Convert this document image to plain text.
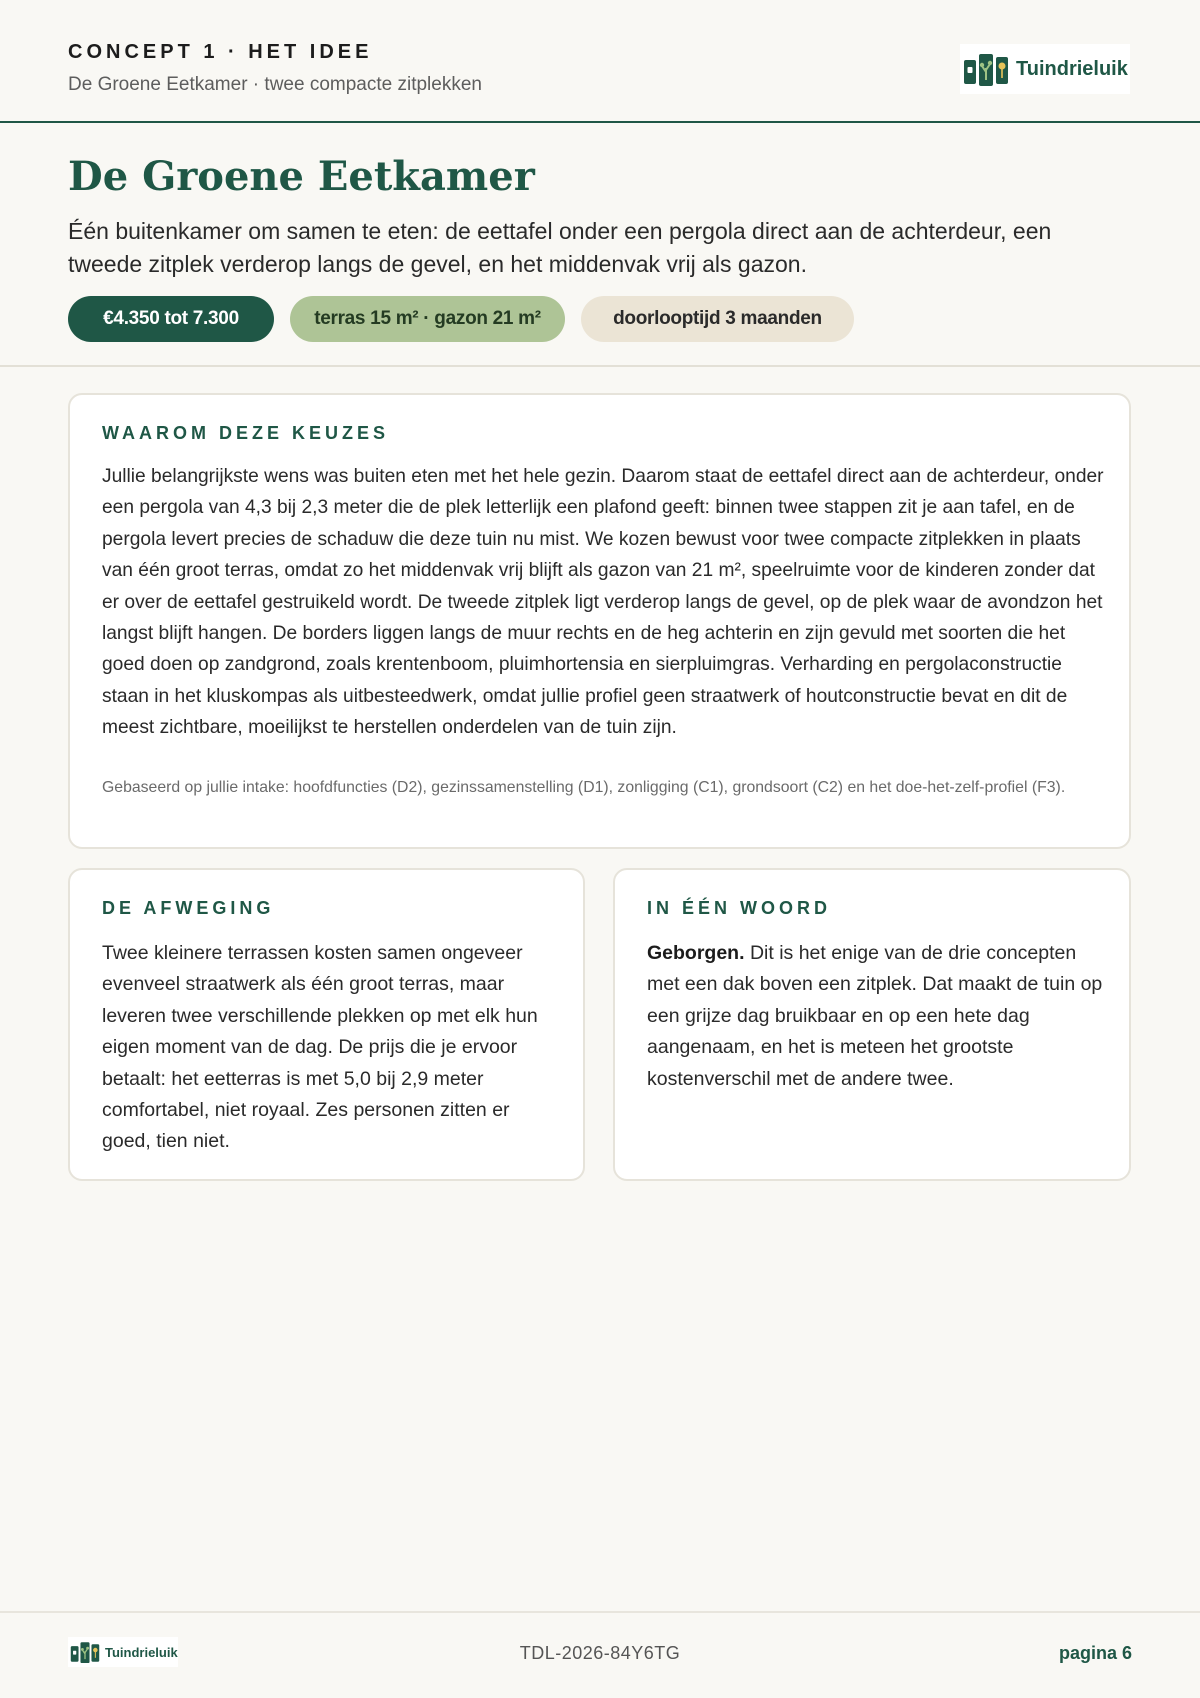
CONCEPT 1 · HET IDEE

De Groene Eetkamer · twee compacte zitplekken

Tuindrieluik
De Groene Eetkamer

Één buitenkamer om samen te eten: de eettafel onder een pergola direct aan de achterdeur, een tweede zitplek verderop langs de gevel, en het middenvak vrij als gazon.

€4.350 tot 7.300	terras 15 m² · gazon 21 m²	doorlooptijd 3 maanden
WAAROM DEZE KEUZES

Jullie belangrijkste wens was buiten eten met het hele gezin. Daarom staat de eettafel direct aan de achterdeur, onder een pergola van 4,3 bij 2,3 meter die de plek letterlijk een plafond geeft: binnen twee stappen zit je aan tafel, en de pergola levert precies de schaduw die deze tuin nu mist. We kozen bewust voor twee compacte zitplekken in plaats van één groot terras, omdat zo het middenvak vrij blijft als gazon van 21 m², speelruimte voor de kinderen zonder dat er over de eettafel gestruikeld wordt. De tweede zitplek ligt verderop langs de gevel, op de plek waar de avondzon het langst blijft hangen. De borders liggen langs de muur rechts en de heg achterin en zijn gevuld met soorten die het goed doen op zandgrond, zoals krentenboom, pluimhortensia en sierpluimgras. Verharding en pergolaconstructie staan in het kluskompas als uitbesteedwerk, omdat jullie profiel geen straatwerk of houtconstructie bevat en dit de meest zichtbare, moeilijkst te herstellen onderdelen van de tuin zijn.

Gebaseerd op jullie intake: hoofdfuncties (D2), gezinssamenstelling (D1), zonligging (C1), grondsoort (C2) en het doe-het-zelf-profiel (F3).

DE AFWEGING

Twee kleinere terrassen kosten samen ongeveer evenveel straatwerk als één groot terras, maar leveren twee verschillende plekken op met elk hun eigen moment van de dag. De prijs die je ervoor betaalt: het eetterras is met 5,0 bij 2,9 meter comfortabel, niet royaal. Zes personen zitten er goed, tien niet.

IN ÉÉN WOORD

Geborgen. Dit is het enige van de drie concepten met een dak boven een zitplek. Dat maakt de tuin op een grijze dag bruikbaar en op een hete dag aangenaam, en het is meteen het grootste kostenverschil met de andere twee.

Tuindrieluik	TDL-2026-84Y6TG	pagina 6
